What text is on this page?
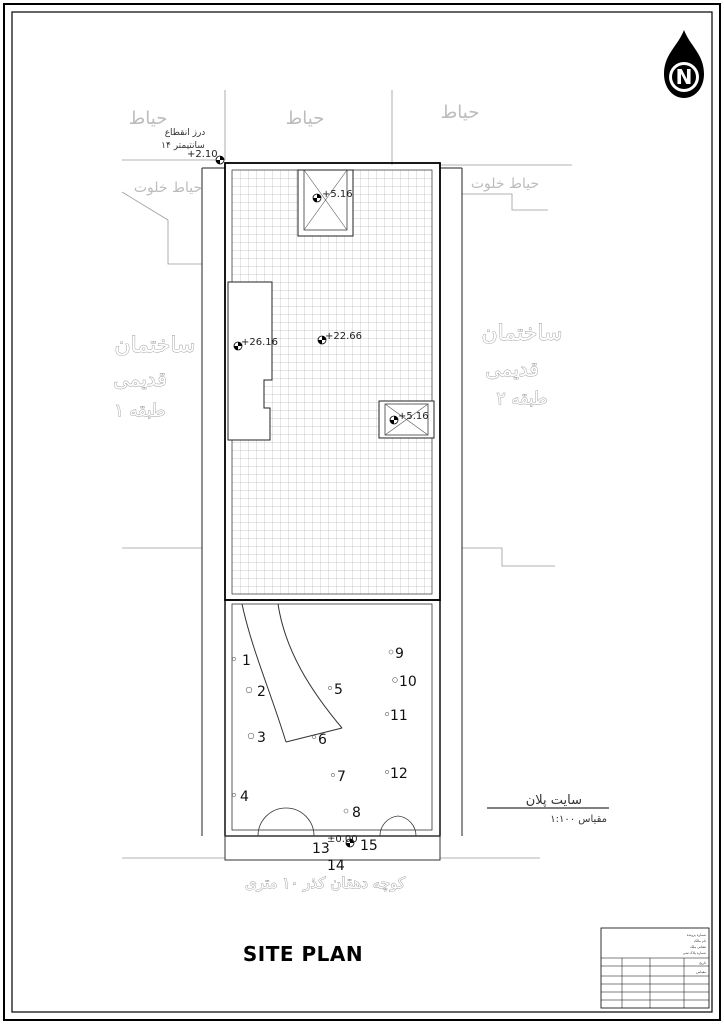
N
حیاط	حیاط	حیاط
حیاط خلوت	حیاط خلوت
ساختمان
قدیمی
۱ طبقه
ساختمان
قدیمی
۲ طبقه
درز انقطاع
۱۴ سانتیمتر
+2.10
+5.16
+26.16
+22.66
+5.16
±0.00
1
2
3
4
5
6
7
8
9
10
11
12
13
14
15
کوچه دهقان کذر ۱۰ متری
سایت پلان
مقیاس ۱:۱۰۰
SITE PLAN
شماره پرونده
نام مالک
نشانی ملک
شماره پلاک ثبتی
تاریخ
مقیاس
